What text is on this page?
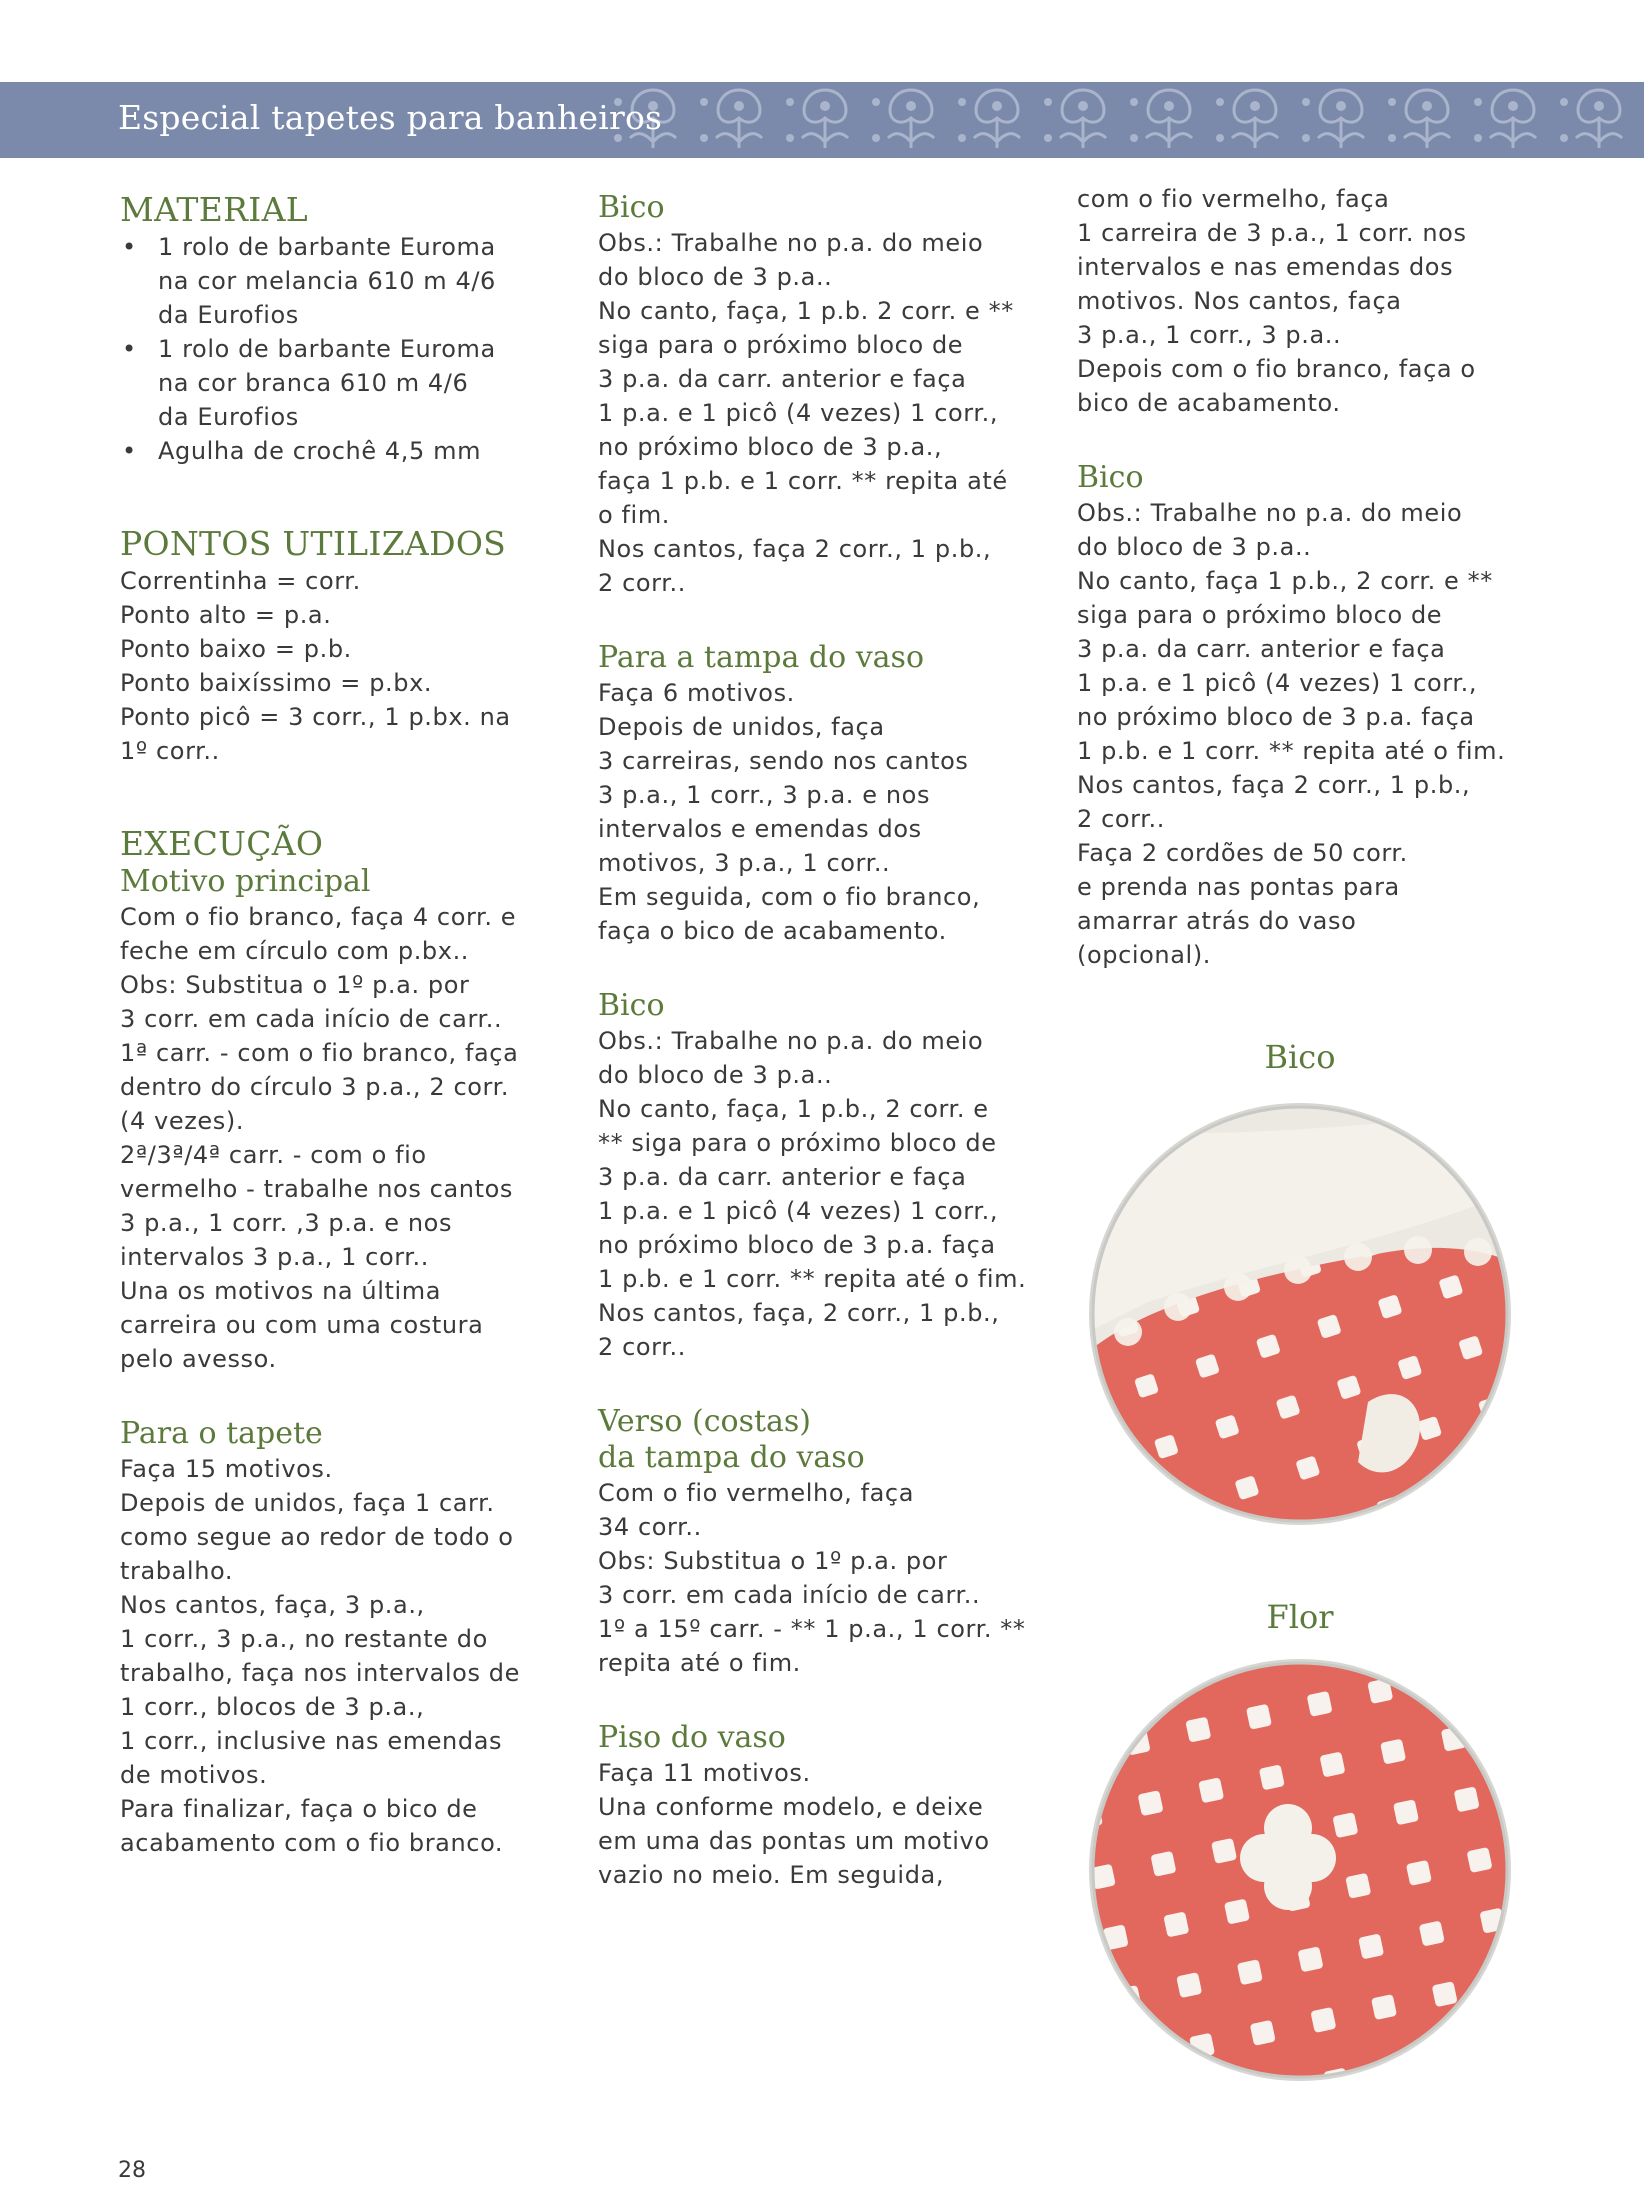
Especial tapetes para banheiros
MATERIAL
• 1 rolo de barbante Euroma
na cor melancia 610 m 4/6
da Eurofios
• 1 rolo de barbante Euroma
na cor branca 610 m 4/6
da Eurofios
• Agulha de crochê 4,5 mm
PONTOS UTILIZADOS

Correntinha = corr.
Ponto alto = p.a.
Ponto baixo = p.b.
Ponto baixíssimo = p.bx.
Ponto picô = 3 corr., 1 p.bx. na
1º corr..

EXECUÇÃO
Motivo principal

Com o fio branco, faça 4 corr. e
feche em círculo com p.bx..
Obs: Substitua o 1º p.a. por
3 corr. em cada início de carr..
1ª carr. - com o fio branco, faça
dentro do círculo 3 p.a., 2 corr.
(4 vezes).
2ª/3ª/4ª carr. - com o fio
vermelho - trabalhe nos cantos
3 p.a., 1 corr. ,3 p.a. e nos
intervalos 3 p.a., 1 corr..
Una os motivos na última
carreira ou com uma costura
pelo avesso.

Para o tapete

Faça 15 motivos.
Depois de unidos, faça 1 carr.
como segue ao redor de todo o
trabalho.
Nos cantos, faça, 3 p.a.,
1 corr., 3 p.a., no restante do
trabalho, faça nos intervalos de
1 corr., blocos de 3 p.a.,
1 corr., inclusive nas emendas
de motivos.
Para finalizar, faça o bico de
acabamento com o fio branco.

Bico

Obs.: Trabalhe no p.a. do meio
do bloco de 3 p.a..
No canto, faça, 1 p.b. 2 corr. e **
siga para o próximo bloco de
3 p.a. da carr. anterior e faça
1 p.a. e 1 picô (4 vezes) 1 corr.,
no próximo bloco de 3 p.a.,
faça 1 p.b. e 1 corr. ** repita até
o fim.
Nos cantos, faça 2 corr., 1 p.b.,
2 corr..

Para a tampa do vaso

Faça 6 motivos.
Depois de unidos, faça
3 carreiras, sendo nos cantos
3 p.a., 1 corr., 3 p.a. e nos
intervalos e emendas dos
motivos, 3 p.a., 1 corr..
Em seguida, com o fio branco,
faça o bico de acabamento.

Bico

Obs.: Trabalhe no p.a. do meio
do bloco de 3 p.a..
No canto, faça, 1 p.b., 2 corr. e
** siga para o próximo bloco de
3 p.a. da carr. anterior e faça
1 p.a. e 1 picô (4 vezes) 1 corr.,
no próximo bloco de 3 p.a. faça
1 p.b. e 1 corr. ** repita até o fim.
Nos cantos, faça, 2 corr., 1 p.b.,
2 corr..

Verso (costas)
da tampa do vaso

Com o fio vermelho, faça
34 corr..
Obs: Substitua o 1º p.a. por
3 corr. em cada início de carr..
1º a 15º carr. - ** 1 p.a., 1 corr. **
repita até o fim.

Piso do vaso

Faça 11 motivos.
Una conforme modelo, e deixe
em uma das pontas um motivo
vazio no meio. Em seguida,

com o fio vermelho, faça
1 carreira de 3 p.a., 1 corr. nos
intervalos e nas emendas dos
motivos. Nos cantos, faça
3 p.a., 1 corr., 3 p.a..
Depois com o fio branco, faça o
bico de acabamento.

Bico

Obs.: Trabalhe no p.a. do meio
do bloco de 3 p.a..
No canto, faça 1 p.b., 2 corr. e **
siga para o próximo bloco de
3 p.a. da carr. anterior e faça
1 p.a. e 1 picô (4 vezes) 1 corr.,
no próximo bloco de 3 p.a. faça
1 p.b. e 1 corr. ** repita até o fim.
Nos cantos, faça 2 corr., 1 p.b.,
2 corr..
Faça 2 cordões de 50 corr.
e prenda nas pontas para
amarrar atrás do vaso
(opcional).

Bico
Flor
28
